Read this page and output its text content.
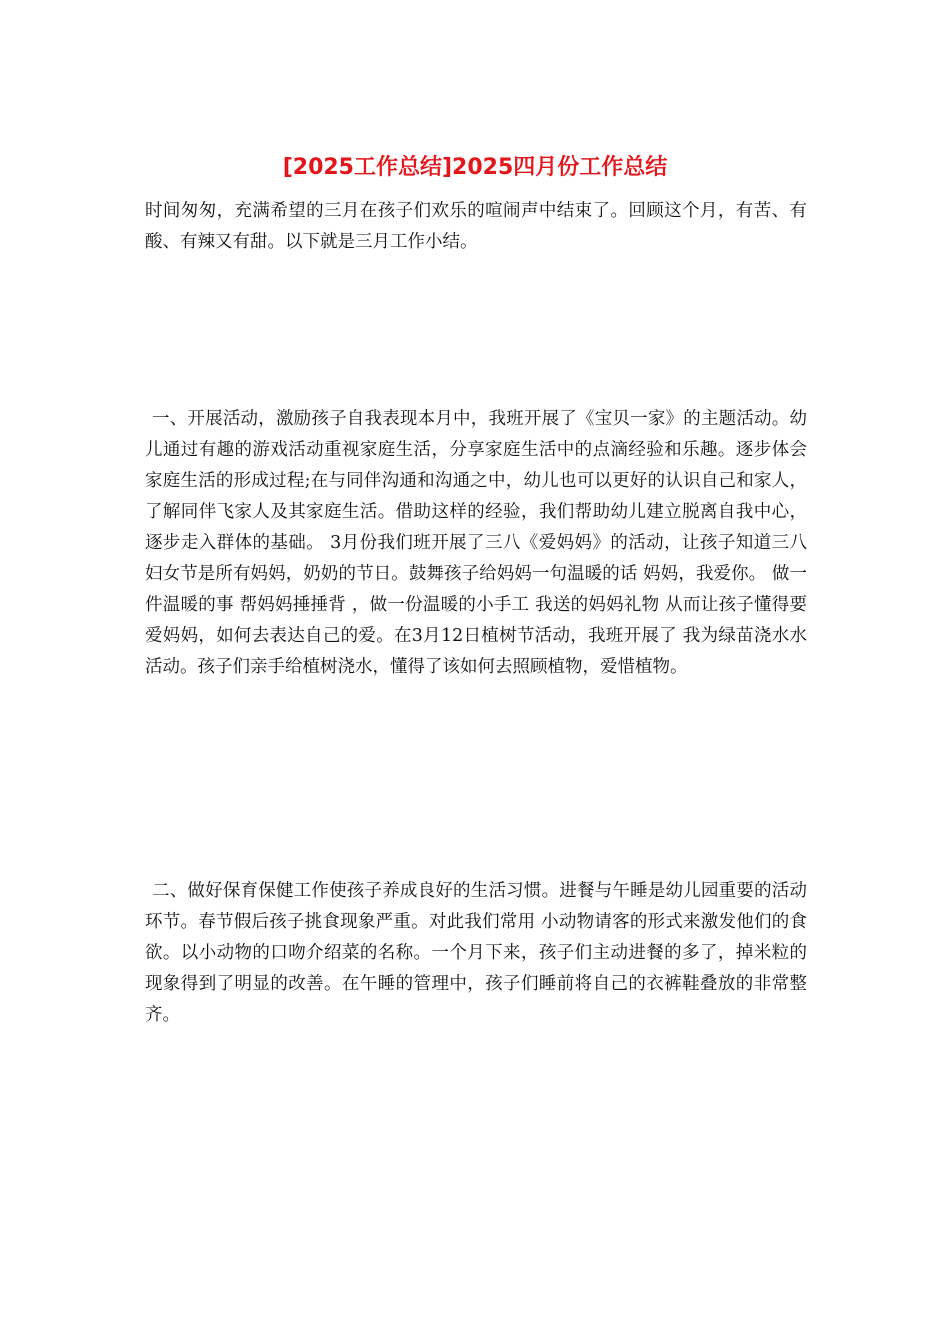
[2025工作总结]2025四月份工作总结

时间匆匆，充满希望的三月在孩子们欢乐的喧闹声中结束了。回顾这个月，有苦、有酸、有辣又有甜。以下就是三月工作小结。

一、开展活动，激励孩子自我表现本月中，我班开展了《宝贝一家》的主题活动。幼儿通过有趣的游戏活动重视家庭生活，分享家庭生活中的点滴经验和乐趣。逐步体会家庭生活的形成过程;在与同伴沟通和沟通之中，幼儿也可以更好的认识自己和家人，了解同伴飞家人及其家庭生活。借助这样的经验，我们帮助幼儿建立脱离自我中心，逐步走入群体的基础。 3月份我们班开展了三八《爱妈妈》的活动，让孩子知道三八妇女节是所有妈妈，奶奶的节日。鼓舞孩子给妈妈一句温暖的话 妈妈，我爱你。 做一件温暖的事 帮妈妈捶捶背 ，做一份温暖的小手工 我送的妈妈礼物 从而让孩子懂得要爱妈妈，如何去表达自己的爱。在3月12日植树节活动，我班开展了 我为绿苗浇水水 活动。孩子们亲手给植树浇水，懂得了该如何去照顾植物，爱惜植物。

二、做好保育保健工作使孩子养成良好的生活习惯。进餐与午睡是幼儿园重要的活动环节。春节假后孩子挑食现象严重。对此我们常用 小动物请客的形式来激发他们的食欲。以小动物的口吻介绍菜的名称。一个月下来，孩子们主动进餐的多了，掉米粒的现象得到了明显的改善。在午睡的管理中，孩子们睡前将自己的衣裤鞋叠放的非常整齐。
